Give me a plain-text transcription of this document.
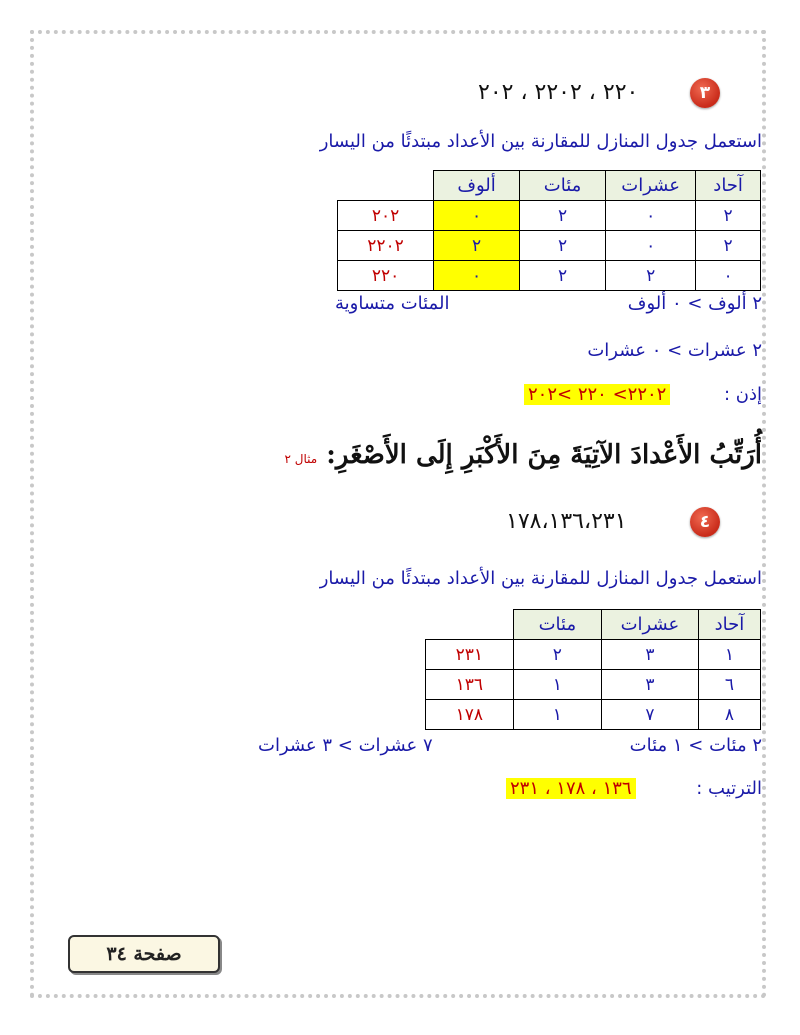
٣
٢٢٠ ، ٢٢٠٢ ، ٢٠٢
استعمل جدول المنازل للمقارنة بين الأعداد مبتدئًا من اليسار
آحاد	عشرات	مئات	ألوف	
٢	٠	٢	٠	٢٠٢
٢	٠	٢	٢	٢٢٠٢
٠	٢	٢	٠	٢٢٠
٢ ألوف > ٠ ألوف
المئات متساوية
٢ عشرات > ٠ عشرات
إذن :
٢٢٠٢> ٢٢٠ >٢٠٢
أُرَتِّبُ الأَعْدادَ الآتِيَةَ مِنَ الأَكْبَرِ إِلَى الأَصْغَرِ: مثال ٢
٤
١٧٨،١٣٦،٢٣١
استعمل جدول المنازل للمقارنة بين الأعداد مبتدئًا من اليسار
آحاد	عشرات	مئات	
١	٣	٢	٢٣١
٦	٣	١	١٣٦
٨	٧	١	١٧٨
٢ مئات > ١ مئات
٧ عشرات > ٣ عشرات
الترتيب :
١٣٦ ، ١٧٨ ، ٢٣١
صفحة ٣٤
